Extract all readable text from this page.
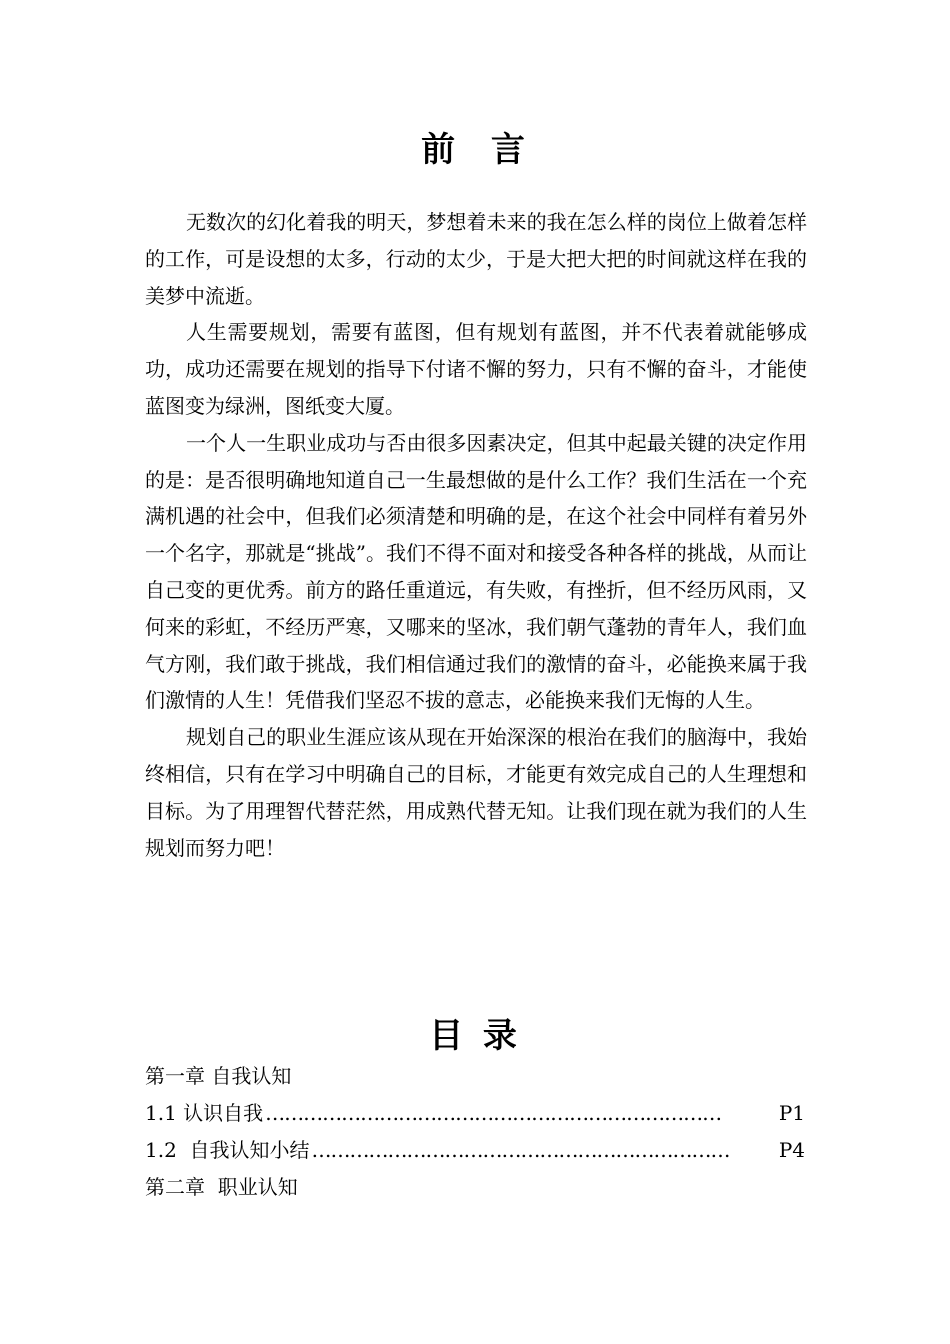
前  言

无数次的幻化着我的明天，梦想着未来的我在怎么样的岗位上做着怎样的工作，可是设想的太多，行动的太少，于是大把大把的时间就这样在我的美梦中流逝。

人生需要规划，需要有蓝图，但有规划有蓝图，并不代表着就能够成功，成功还需要在规划的指导下付诸不懈的努力，只有不懈的奋斗，才能使蓝图变为绿洲，图纸变大厦。

一个人一生职业成功与否由很多因素决定，但其中起最关键的决定作用的是：是否很明确地知道自己一生最想做的是什么工作？我们生活在一个充满机遇的社会中，但我们必须清楚和明确的是，在这个社会中同样有着另外一个名字，那就是“挑战”。我们不得不面对和接受各种各样的挑战，从而让自己变的更优秀。前方的路任重道远，有失败，有挫折，但不经历风雨，又何来的彩虹，不经历严寒，又哪来的坚冰，我们朝气蓬勃的青年人，我们血气方刚，我们敢于挑战，我们相信通过我们的激情的奋斗，必能换来属于我们激情的人生！凭借我们坚忍不拔的意志，必能换来我们无悔的人生。

规划自己的职业生涯应该从现在开始深深的根治在我们的脑海中，我始终相信，只有在学习中明确自己的目标，才能更有效完成自己的人生理想和目标。为了用理智代替茫然，用成熟代替无知。让我们现在就为我们的人生规划而努力吧！

目 录
第一章 自我认知
1.1 认识自我 ………………………………………………………………	P1
1.2  自我认知小结 …………………………………………………………	P4
第二章  职业认知
